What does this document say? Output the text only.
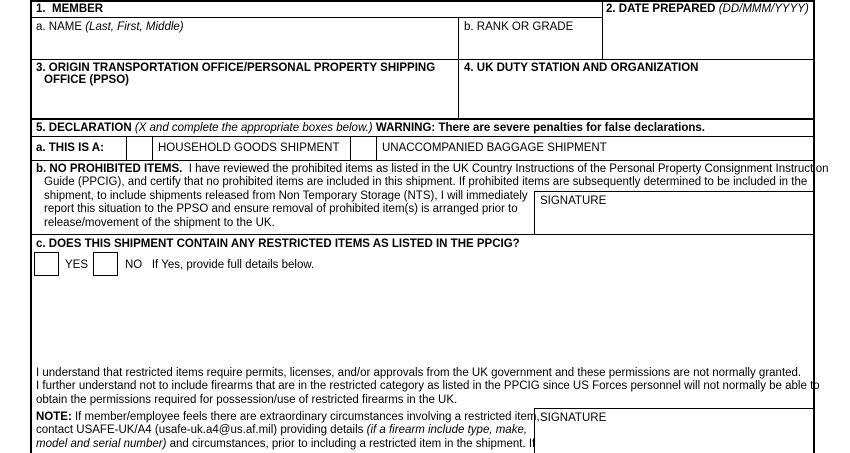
1. MEMBER	2. DATE PREPARED (DD/MMM/YYYY)
a. NAME (Last, First, Middle)	b. RANK OR GRADE
3. ORIGIN TRANSPORTATION OFFICE/PERSONAL PROPERTY SHIPPING
OFFICE (PPSO)
4. UK DUTY STATION AND ORGANIZATION
5. DECLARATION (X and complete the appropriate boxes below.) WARNING: There are severe penalties for false declarations.
a. THIS IS A:	HOUSEHOLD GOODS SHIPMENT	UNACCOMPANIED BAGGAGE SHIPMENT
b. NO PROHIBITED ITEMS. I have reviewed the prohibited items as listed in the UK Country Instructions of the Personal Property Consignment Instruction
Guide (PPCIG), and certify that no prohibited items are included in this shipment. If prohibited items are subsequently determined to be included in the
shipment, to include shipments released from Non Temporary Storage (NTS), I will immediately
report this situation to the PPSO and ensure removal of prohibited item(s) is arranged prior to
release/movement of the shipment to the UK.
SIGNATURE
c. DOES THIS SHIPMENT CONTAIN ANY RESTRICTED ITEMS AS LISTED IN THE PPCIG?
YES	NO If Yes, provide full details below.
I understand that restricted items require permits, licenses, and/or approvals from the UK government and these permissions are not normally granted.
I further understand not to include firearms that are in the restricted category as listed in the PPCIG since US Forces personnel will not normally be able to
obtain the permissions required for possession/use of restricted firearms in the UK.
NOTE: If member/employee feels there are extraordinary circumstances involving a restricted item,
contact USAFE-UK/A4 (usafe-uk.a4@us.af.mil) providing details (if a firearm include type, make,
model and serial number) and circumstances, prior to including a restricted item in the shipment. If
SIGNATURE
